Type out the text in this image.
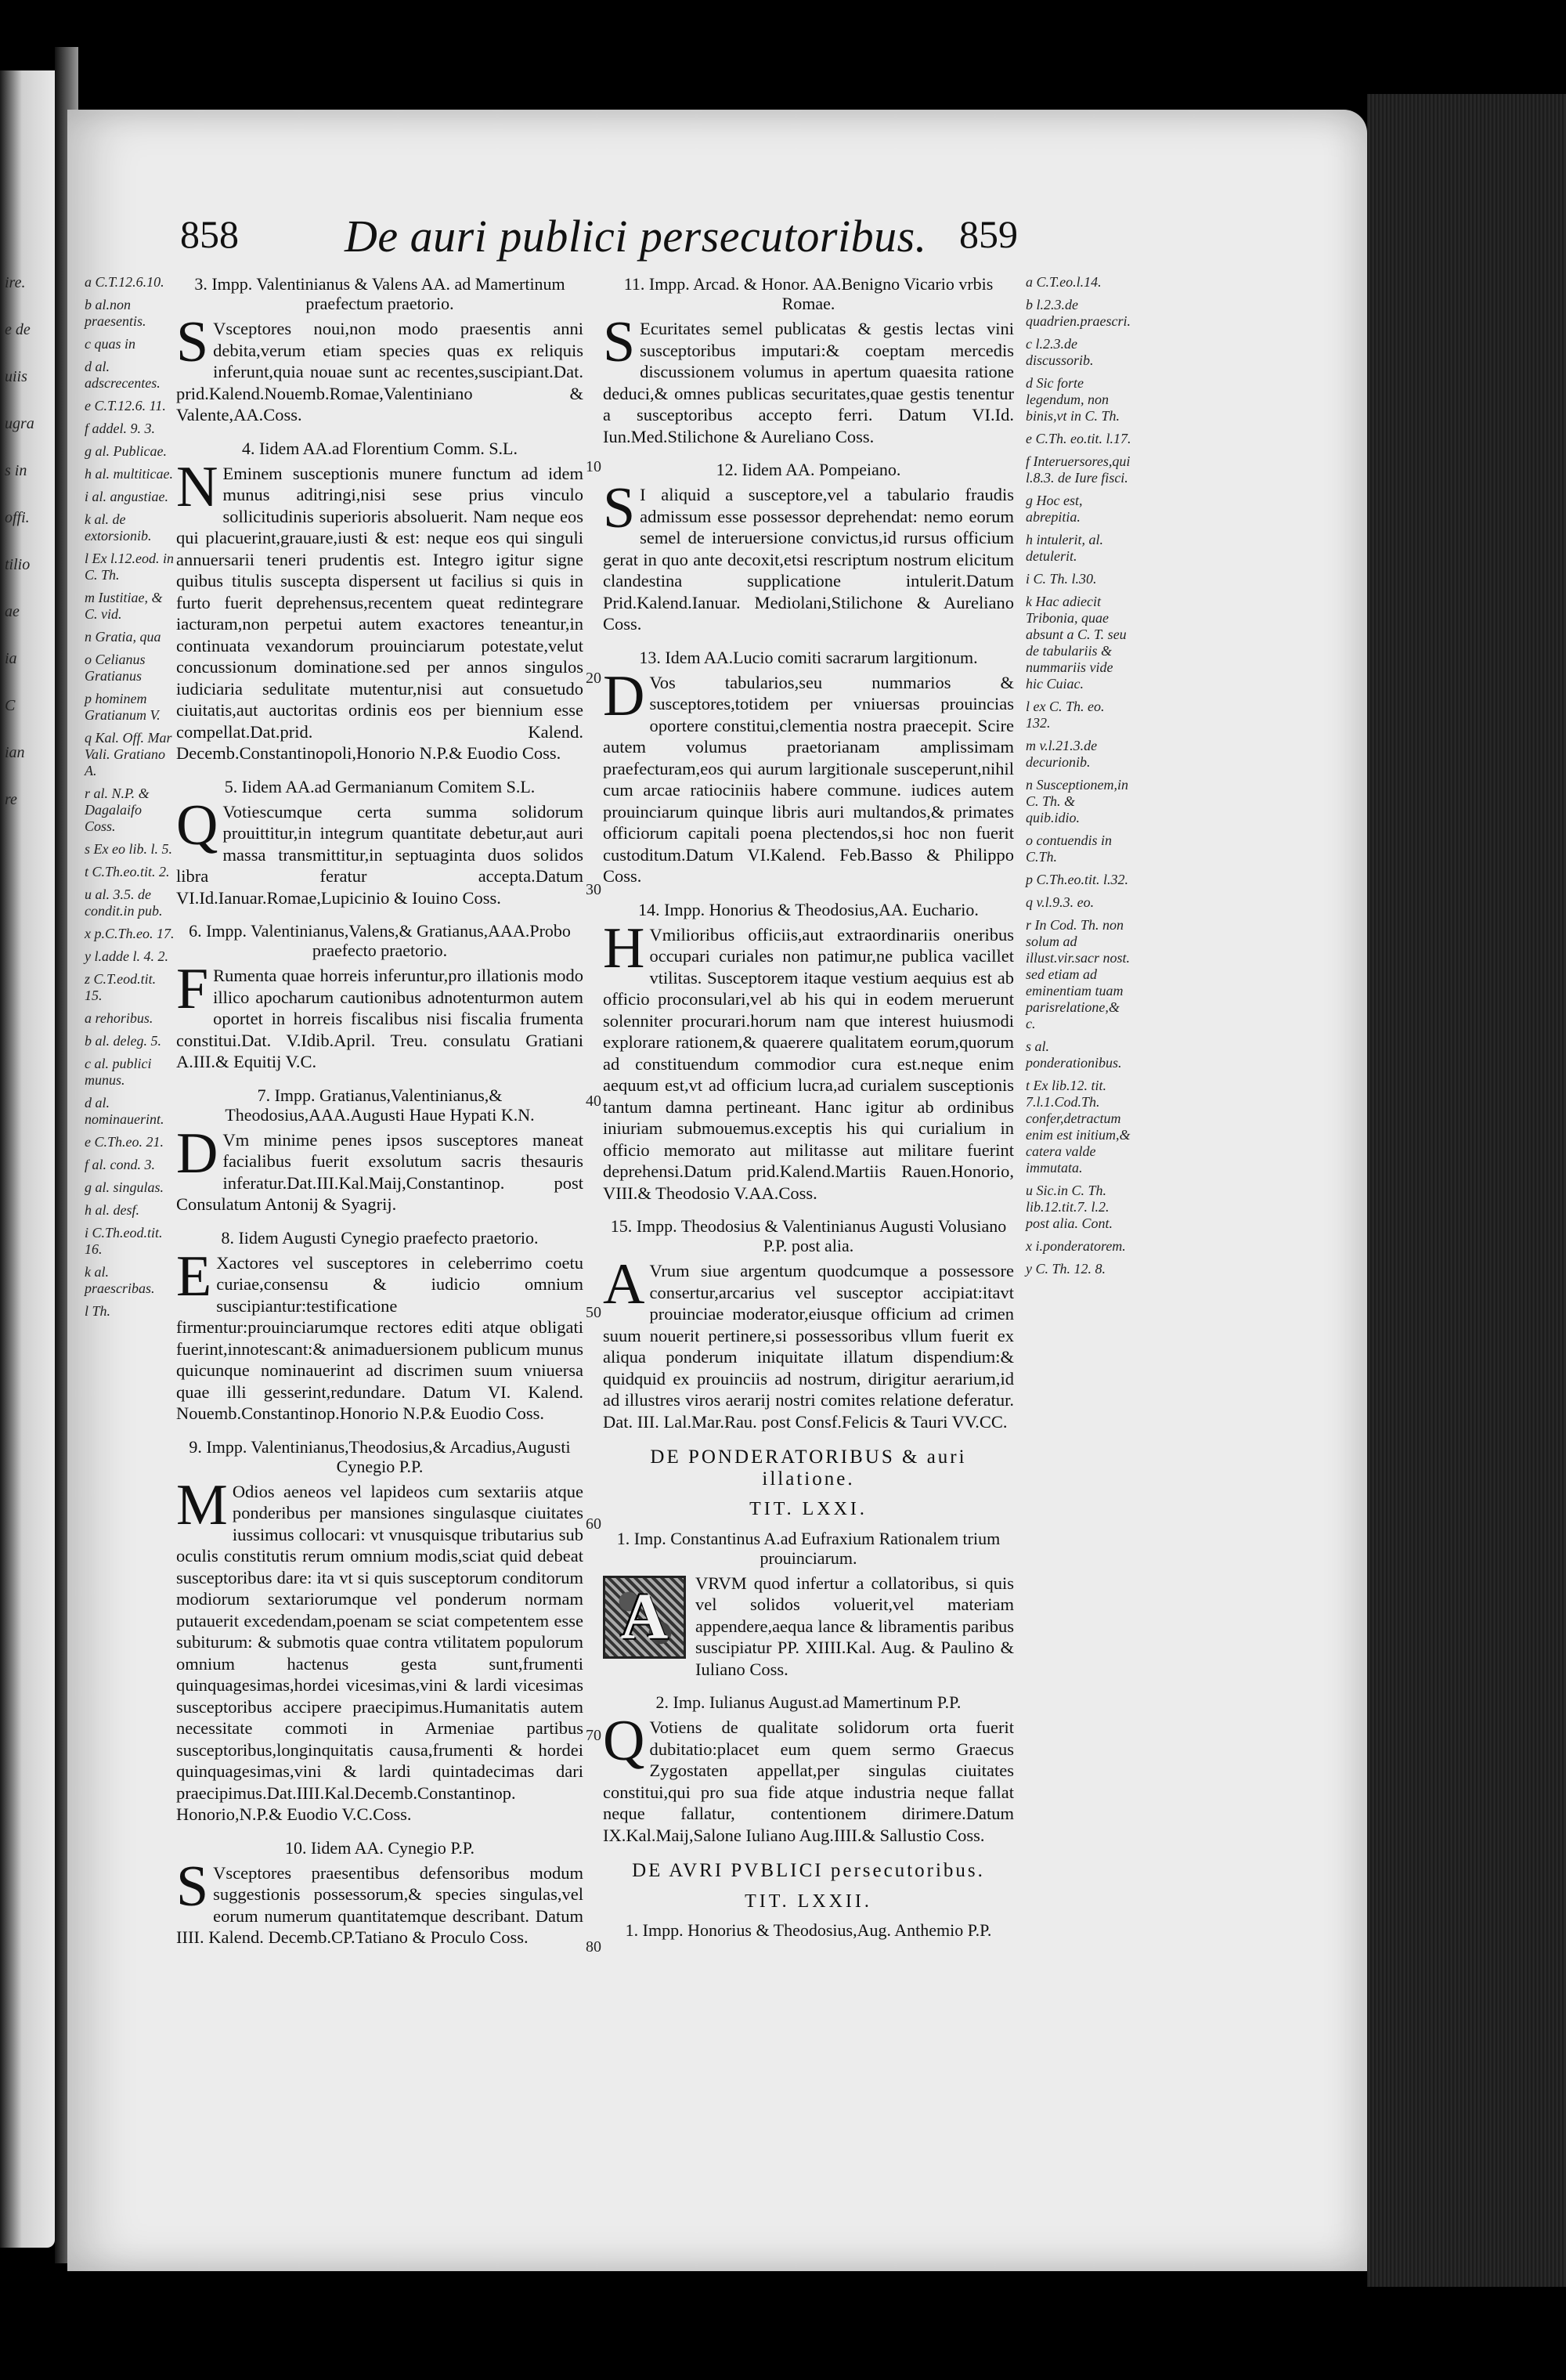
ire.
e de
uiis
ugra
s in
offi.
tilio
ae
ia
C
ian
re
858 De auri publici persecutoribus. 859
a C.T.12.6.10.
b al.non praesentis.
c quas in
d al. adscrecentes.
e C.T.12.6. 11.
f addel. 9. 3.
g al. Publicae.
h al. multiticae.
i al. angustiae.
k al. de extorsionib.
l Ex l.12.eod. in C. Th.
m Iustitiae, & C. vid.
n Gratia, qua
o Celianus Gratianus
p hominem Gratianum V.
q Kal. Off. Mar Vali. Gratiano A.
r al. N.P. & Dagalaifo Coss.
s Ex eo lib. l. 5.
t C.Th.eo.tit. 2.
u al. 3.5. de condit.in pub.
x p.C.Th.eo. 17.
y l.adde l. 4. 2.
z C.T.eod.tit. 15.
a rehoribus.
b al. deleg. 5.
c al. publici munus.
d al. nominauerint.
e C.Th.eo. 21.
f al. cond. 3.
g al. singulas.
h al. desf.
i C.Th.eod.tit. 16.
k al. praescribas.
l Th.
3. Impp. Valentinianus & Valens AA. ad Mamertinum praefectum praetorio.
S Vsceptores noui,non modo praesentis anni debita,verum etiam species quas ex reliquis inferunt,quia nouae sunt ac recentes,suscipiant.Dat. prid.Kalend.Nouemb.Romae,Valentiniano & Valente,AA.Coss.
4. Iidem AA.ad Florentium Comm. S.L.
N Eminem susceptionis munere functum ad idem munus aditringi,nisi sese prius vinculo sollicitudinis superioris absoluerit. Nam neque eos qui placuerint,grauare,iusti & est: neque eos qui singuli annuersarii teneri prudentis est. Integro igitur signe quibus titulis suscepta dispersent ut facilius si quis in furto fuerit deprehensus,recentem queat redintegrare iacturam,non perpetui autem exactores teneantur,in continuata vexandorum prouinciarum potestate,velut concussionum dominatione.sed per annos singulos iudiciaria sedulitate mutentur,nisi aut consuetudo ciuitatis,aut auctoritas ordinis eos per biennium esse compellat.Dat.prid. Kalend. Decemb.Constantinopoli,Honorio N.P.& Euodio Coss.
5. Iidem AA.ad Germanianum Comitem S.L.
Q Votiescumque certa summa solidorum prouittitur,in integrum quantitate debetur,aut auri massa transmittitur,in septuaginta duos solidos libra feratur accepta.Datum VI.Id.Ianuar.Romae,Lupicinio & Iouino Coss.
6. Impp. Valentinianus,Valens,& Gratianus,AAA.Probo praefecto praetorio.
F Rumenta quae horreis inferuntur,pro illationis modo illico apocharum cautionibus adnotenturmon autem oportet in horreis fiscalibus nisi fiscalia frumenta constitui.Dat. V.Idib.April. Treu. consulatu Gratiani A.III.& Equitij V.C.
7. Impp. Gratianus,Valentinianus,& Theodosius,AAA.Augusti Haue Hypati K.N.
D Vm minime penes ipsos susceptores maneat facialibus fuerit exsolutum sacris thesauris inferatur.Dat.III.Kal.Maij,Constantinop. post Consulatum Antonij & Syagrij.
8. Iidem Augusti Cynegio praefecto praetorio.
E Xactores vel susceptores in celeberrimo coetu curiae,consensu & iudicio omnium suscipiantur:testificatione firmentur:prouinciarumque rectores editi atque obligati fuerint,innotescant:& animaduersionem publicum munus quicunque nominauerint ad discrimen suum vniuersa quae illi gesserint,redundare. Datum VI. Kalend. Nouemb.Constantinop.Honorio N.P.& Euodio Coss.
9. Impp. Valentinianus,Theodosius,& Arcadius,Augusti Cynegio P.P.
M Odios aeneos vel lapideos cum sextariis atque ponderibus per mansiones singulasque ciuitates iussimus collocari: vt vnusquisque tributarius sub oculis constitutis rerum omnium modis,sciat quid debeat susceptoribus dare: ita vt si quis susceptorum conditorum modiorum sextariorumque vel ponderum normam putauerit excedendam,poenam se sciat competentem esse subiturum: & submotis quae contra vtilitatem populorum omnium hactenus gesta sunt,frumenti quinquagesimas,hordei vicesimas,vini & lardi vicesimas susceptoribus accipere praecipimus.Humanitatis autem necessitate commoti in Armeniae partibus susceptoribus,longinquitatis causa,frumenti & hordei quinquagesimas,vini & lardi quintadecimas dari praecipimus.Dat.IIII.Kal.Decemb.Constantinop. Honorio,N.P.& Euodio V.C.Coss.
10. Iidem AA. Cynegio P.P.
S Vsceptores praesentibus defensoribus modum suggestionis possessorum,& species singulas,vel eorum numerum quantitatemque describant. Datum IIII. Kalend. Decemb.CP.Tatiano & Proculo Coss.
10
20
30
40
50
60
70
80
11. Impp. Arcad. & Honor. AA.Benigno Vicario vrbis Romae.
S Ecuritates semel publicatas & gestis lectas vini susceptoribus imputari:& coeptam mercedis discussionem volumus in apertum quaesita ratione deduci,& omnes publicas securitates,quae gestis tenentur a susceptoribus accepto ferri. Datum VI.Id. Iun.Med.Stilichone & Aureliano Coss.
12. Iidem AA. Pompeiano.
S I aliquid a susceptore,vel a tabulario fraudis admissum esse possessor deprehendat: nemo eorum semel de interuersione convictus,id rursus officium gerat in quo ante decoxit,etsi rescriptum nostrum elicitum clandestina supplicatione intulerit.Datum Prid.Kalend.Ianuar. Mediolani,Stilichone & Aureliano Coss.
13. Idem AA.Lucio comiti sacrarum largitionum.
D Vos tabularios,seu nummarios & susceptores,totidem per vniuersas prouincias oportere constitui,clementia nostra praecepit. Scire autem volumus praetorianam amplissimam praefecturam,eos qui aurum largitionale susceperunt,nihil cum arcae ratiociniis habere commune. iudices autem prouinciarum quinque libris auri multandos,& primates officiorum capitali poena plectendos,si hoc non fuerit custoditum.Datum VI.Kalend. Feb.Basso & Philippo Coss.
14. Impp. Honorius & Theodosius,AA. Euchario.
H Vmilioribus officiis,aut extraordinariis oneribus occupari curiales non patimur,ne publica vacillet vtilitas. Susceptorem itaque vestium aequius est ab officio proconsulari,vel ab his qui in eodem meruerunt solenniter procurari.horum nam que interest huiusmodi explorare rationem,& quaerere qualitatem eorum,quorum ad constituendum commodior cura est.neque enim aequum est,vt ad officium lucra,ad curialem susceptionis tantum damna pertineant. Hanc igitur ab ordinibus iniuriam submouemus.exceptis his qui curialium in officio memorato aut militasse aut militare fuerint deprehensi.Datum prid.Kalend.Martiis Rauen.Honorio, VIII.& Theodosio V.AA.Coss.
15. Impp. Theodosius & Valentinianus Augusti Volusiano P.P. post alia.
A Vrum siue argentum quodcumque a possessore consertur,arcarius vel susceptor accipiat:itavt prouinciae moderator,eiusque officium ad crimen suum nouerit pertinere,si possessoribus vllum fuerit ex aliqua ponderum iniquitate illatum dispendium:& quidquid ex prouinciis ad nostrum, dirigitur aerarium,id ad illustres viros aerarij nostri comites relatione deferatur. Dat. III. Lal.Mar.Rau. post Consf.Felicis & Tauri VV.CC.
DE PONDERATORIBUS & auri illatione.
TIT. LXXI.
1. Imp. Constantinus A.ad Eufraxium Rationalem trium prouinciarum.
A VRVM quod infertur a collatoribus, si quis vel solidos voluerit,vel materiam appendere,aequa lance & libramentis paribus suscipiatur PP. XIIII.Kal. Aug. & Paulino & Iuliano Coss.
2. Imp. Iulianus August.ad Mamertinum P.P.
Q Votiens de qualitate solidorum orta fuerit dubitatio:placet eum quem sermo Graecus Zygostaten appellat,per singulas ciuitates constitui,qui pro sua fide atque industria neque fallat neque fallatur, contentionem dirimere.Datum IX.Kal.Maij,Salone Iuliano Aug.IIII.& Sallustio Coss.
DE AVRI PVBLICI persecutoribus.
TIT. LXXII.
1. Impp. Honorius & Theodosius,Aug. Anthemio P.P.
a C.T.eo.l.14.
b l.2.3.de quadrien.praescri.
c l.2.3.de discussorib.
d Sic forte legendum, non binis,vt in C. Th.
e C.Th. eo.tit. l.17.
f Interuersores,qui l.8.3. de Iure fisci.
g Hoc est, abrepitia.
h intulerit, al. detulerit.
i C. Th. l.30.
k Hac adiecit Tribonia, quae absunt a C. T. seu de tabulariis & nummariis vide hic Cuiac.
l ex C. Th. eo. 132.
m v.l.21.3.de decurionib.
n Susceptionem,in C. Th. & quib.idio.
o contuendis in C.Th.
p C.Th.eo.tit. l.32.
q v.l.9.3. eo.
r In Cod. Th. non solum ad illust.vir.sacr nost. sed etiam ad eminentiam tuam parisrelatione,& c.
s al. ponderationibus.
t Ex lib.12. tit. 7.l.1.Cod.Th. confer,detractum enim est initium,& catera valde immutata.
u Sic.in C. Th. lib.12.tit.7. l.2. post alia. Cont.
x i.ponderatorem.
y C. Th. 12. 8.
